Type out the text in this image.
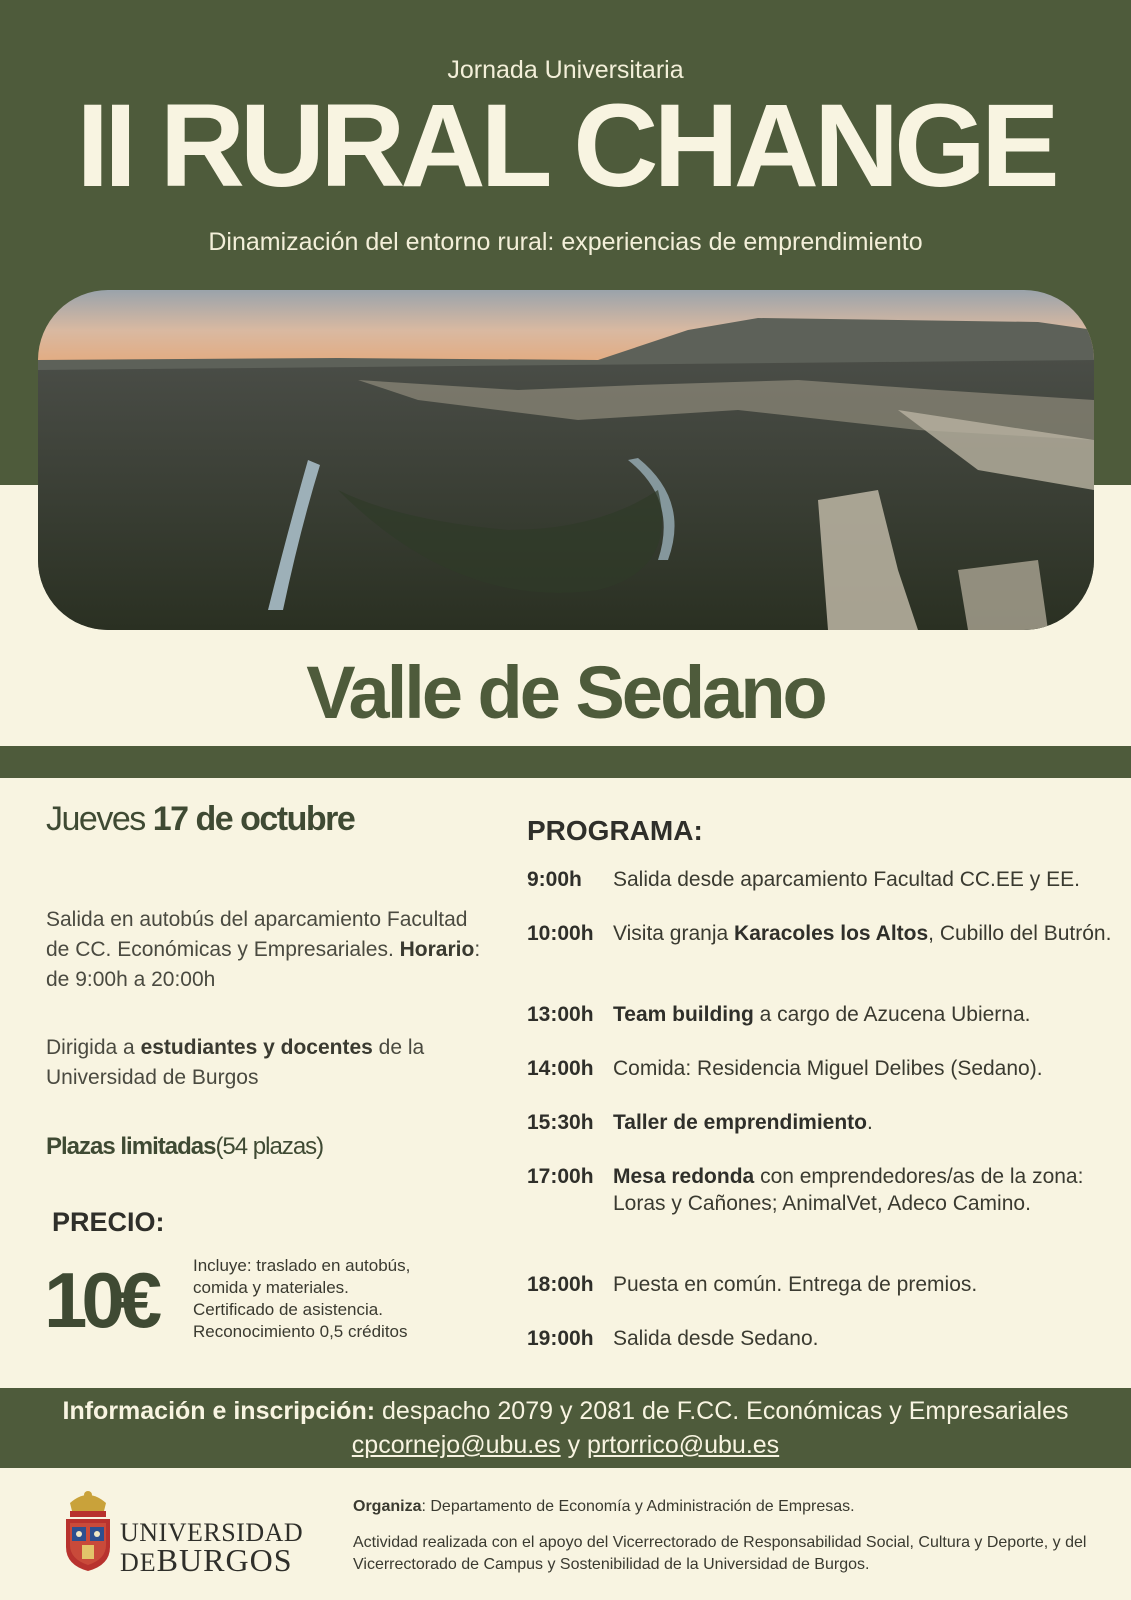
Jornada Universitaria
II RURAL CHANGE
Dinamización del entorno rural: experiencias de emprendimiento
Valle de Sedano
Jueves 17 de octubre
Salida en autobús del aparcamiento Facultad de CC. Económicas y Empresariales. Horario: de 9:00h a 20:00h
Dirigida a estudiantes y docentes de la Universidad de Burgos
Plazas limitadas(54 plazas)
PRECIO:
10€ Incluye: traslado en autobús, comida y materiales.
Certificado de asistencia.
Reconocimiento 0,5 créditos
PROGRAMA:
9:00h	Salida desde aparcamiento Facultad CC.EE y EE.
10:00h Visita granja Karacoles los Altos, Cubillo del Butrón.
13:00h Team building a cargo de Azucena Ubierna.
14:00h Comida: Residencia Miguel Delibes (Sedano).
15:30h Taller de emprendimiento.
17:00h Mesa redonda con emprendedores/as de la zona: Loras y Cañones; AnimalVet, Adeco Camino.
18:00h Puesta en común. Entrega de premios.
19:00h Salida desde Sedano.
Información e inscripción: despacho 2079 y 2081 de F.CC. Económicas y Empresariales
cpcornejo@ubu.es y prtorrico@ubu.es
UNIVERSIDAD
DEBURGOS
Organiza: Departamento de Economía y Administración de Empresas.
Actividad realizada con el apoyo del Vicerrectorado de Responsabilidad Social, Cultura y Deporte, y del Vicerrectorado de Campus y Sostenibilidad de la Universidad de Burgos.
